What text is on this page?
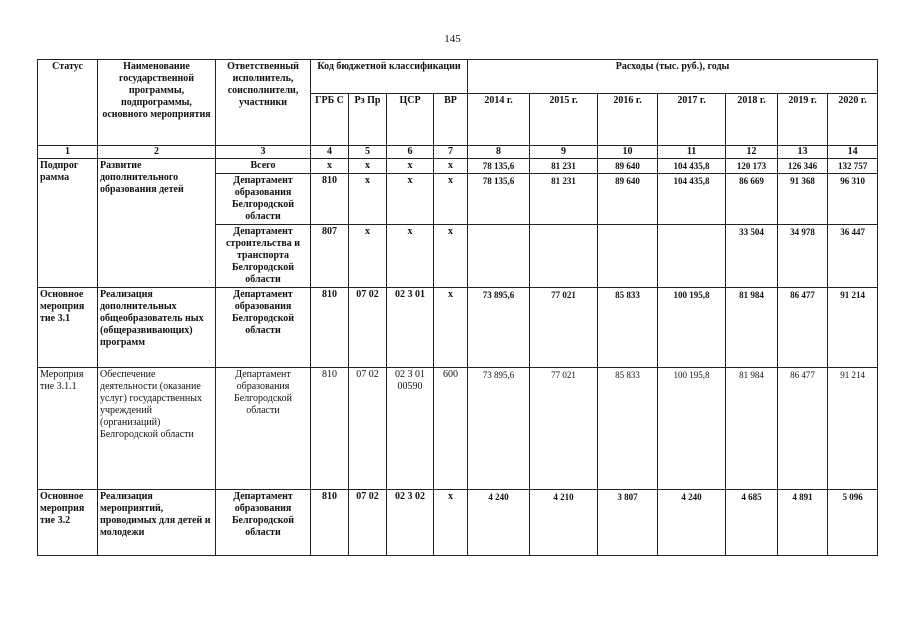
145
Статус	Наименование государственной программы, подпрограммы, основного мероприятия	Ответственный исполнитель, соисполнители, участники	Код бюджетной классификации				Расходы (тыс. руб.), годы						
			ГРБ С	Рз Пр	ЦСР	ВР	2014 г.	2015 г.	2016 г.	2017 г.	2018 г.	2019 г.	2020 г.
1	2	3	4	5	6	7	8	9	10	11	12	13	14
Подпрог рамма	Развитие дополнительного образования детей	Всего	х	х	х	х	78 135,6	81 231	89 640	104 435,8	120 173	126 346	132 757
		Департамент образования Белгородской области	810	х	х	х	78 135,6	81 231	89 640	104 435,8	86 669	91 368	96 310
		Департамент строительства и транспорта Белгородской области	807	х	х	х					33 504	34 978	36 447
Основное мероприя тие 3.1	Реализация дополнительных общеобразователь ных (общеразвивающих) программ	Департамент образования Белгородской области	810	07 02	02 3 01	х	73 895,6	77 021	85 833	100 195,8	81 984	86 477	91 214
Мероприя тие 3.1.1	Обеспечение деятельности (оказание услуг) государственных учреждений (организаций) Белгородской области	Департамент образования Белгородской области	810	07 02	02 3 01 00590	600	73 895,6	77 021	85 833	100 195,8	81 984	86 477	91 214
Основное мероприя тие 3.2	Реализация мероприятий, проводимых для детей и молодежи	Департамент образования Белгородской области	810	07 02	02 3 02	х	4 240	4 210	3 807	4 240	4 685	4 891	5 096
